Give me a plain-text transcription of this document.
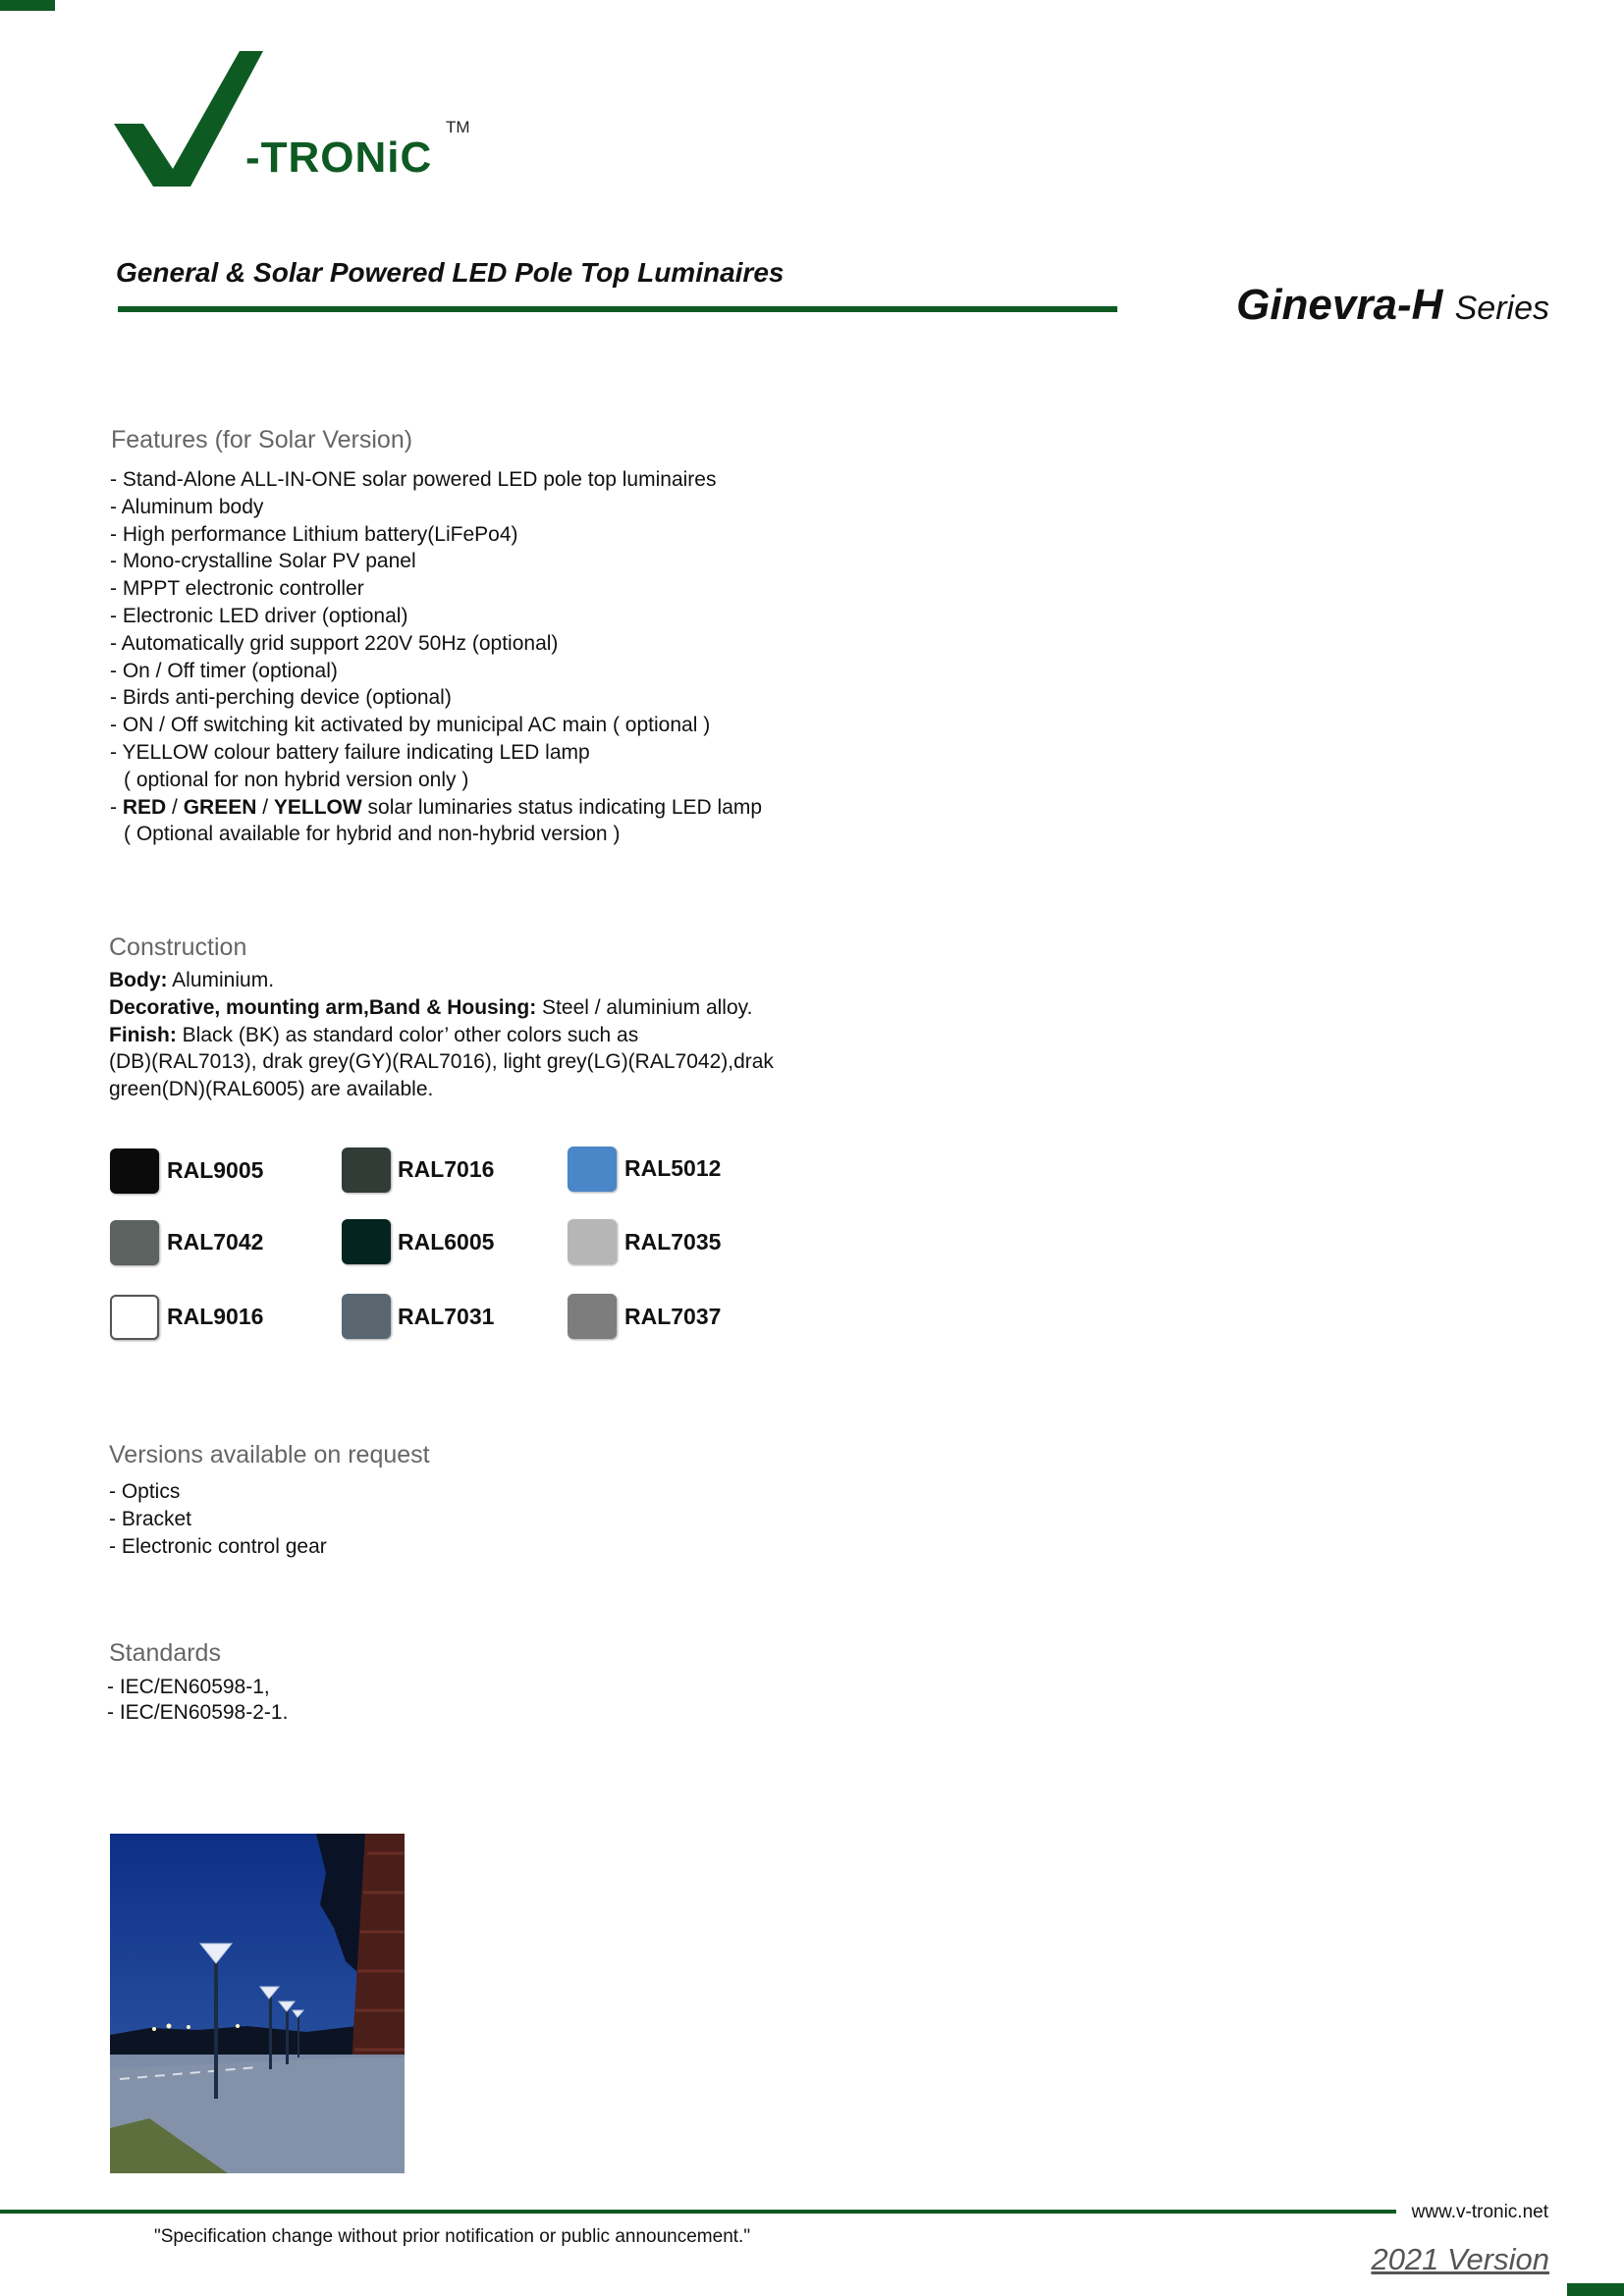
-TRONiC
TM
General & Solar Powered LED Pole Top Luminaires
Ginevra-H Series
Features (for Solar Version)
- Stand-Alone ALL-IN-ONE solar powered LED pole top luminaires
- Aluminum body
- High performance Lithium battery(LiFePo4)
- Mono-crystalline Solar PV panel
- MPPT electronic controller
- Electronic LED driver (optional)
- Automatically grid support 220V 50Hz (optional)
- On / Off timer (optional)
- Birds anti-perching device (optional)
- ON / Off switching kit activated by municipal AC main ( optional )
- YELLOW colour battery failure indicating LED lamp
( optional for non hybrid version only )
- RED / GREEN / YELLOW solar luminaries status indicating LED lamp
( Optional available for hybrid and non-hybrid version )
Construction
Body: Aluminium.
Decorative, mounting arm,Band & Housing: Steel / aluminium alloy.
Finish: Black (BK) as standard color’ other colors such as
(DB)(RAL7013), drak grey(GY)(RAL7016), light grey(LG)(RAL7042),drak
green(DN)(RAL6005) are available.
RAL9005	RAL7016	RAL5012
RAL7042	RAL6005	RAL7035
RAL9016	RAL7031	RAL7037
Versions available on request
- Optics
- Bracket
- Electronic control gear
Standards
- IEC/EN60598-1,
- IEC/EN60598-2-1.
www.v-tronic.net
"Specification change without prior notification or public announcement."
2021 Version
